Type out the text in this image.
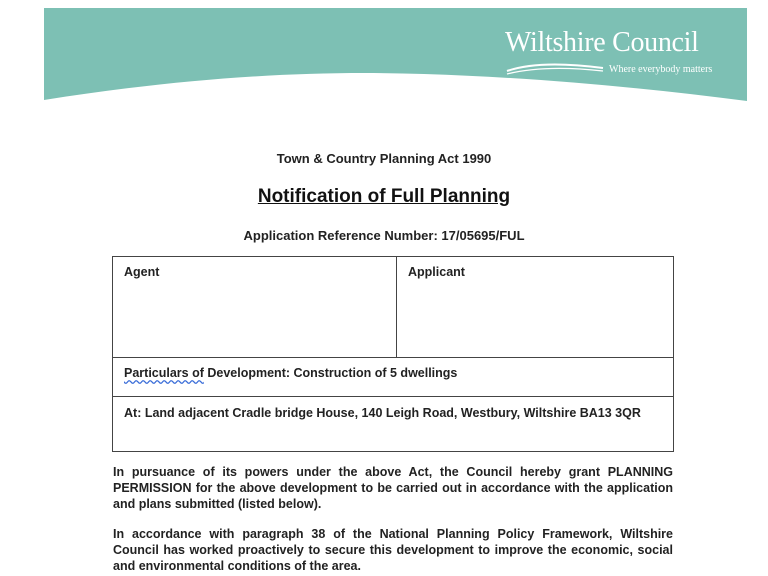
Wiltshire Council
Where everybody matters
Town & Country Planning Act 1990
Notification of Full Planning
Application Reference Number: 17/05695/FUL
Agent	Applicant
Particulars of Development: Construction of 5 dwellings
At: Land adjacent Cradle bridge House, 140 Leigh Road, Westbury, Wiltshire BA13 3QR
In pursuance of its powers under the above Act, the Council hereby grant PLANNING PERMISSION for the above development to be carried out in accordance with the application and plans submitted (listed below).
In accordance with paragraph 38 of the National Planning Policy Framework, Wiltshire Council has worked proactively to secure this development to improve the economic, social and environmental conditions of the area.
